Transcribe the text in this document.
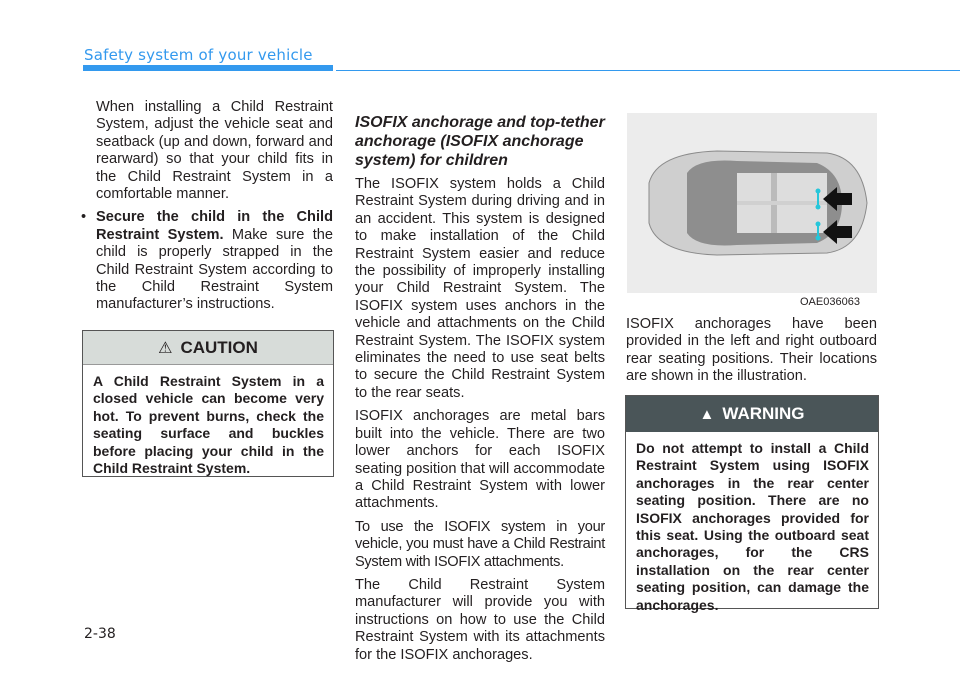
Safety system of your vehicle

When installing a Child Restraint System, adjust the vehicle seat and seatback (up and down, forward and rearward) so that your child fits in the Child Restraint System in a comfortable manner.

• Secure the child in the Child Restraint System. Make sure the child is properly strapped in the Child Restraint System according to the Child Restraint System manufacturer’s instructions.

⚠ CAUTION
A Child Restraint System in a closed vehicle can become very hot. To prevent burns, check the seating surface and buckles before placing your child in the Child Restraint System.
ISOFIX anchorage and top-tether anchorage (ISOFIX anchorage system) for children

The ISOFIX system holds a Child Restraint System during driving and in an accident. This system is designed to make installation of the Child Restraint System easier and reduce the possibility of improperly installing your Child Restraint System. The ISOFIX system uses anchors in the vehicle and attachments on the Child Restraint System. The ISOFIX system eliminates the need to use seat belts to secure the Child Restraint System to the rear seats.

ISOFIX anchorages are metal bars built into the vehicle. There are two lower anchors for each ISOFIX seating position that will accommodate a Child Restraint System with lower attachments.

To use the ISOFIX system in your vehicle, you must have a Child Restraint System with ISOFIX attachments.

The Child Restraint System manufacturer will provide you with instructions on how to use the Child Restraint System with its attachments for the ISOFIX anchorages.

OAE036063

ISOFIX anchorages have been provided in the left and right outboard rear seating positions. Their locations are shown in the illustration.

▲ WARNING
Do not attempt to install a Child Restraint System using ISOFIX anchorages in the rear center seating position. There are no ISOFIX anchorages provided for this seat. Using the outboard seat anchorages, for the CRS installation on the rear center seating position, can damage the anchorages.
2-38
